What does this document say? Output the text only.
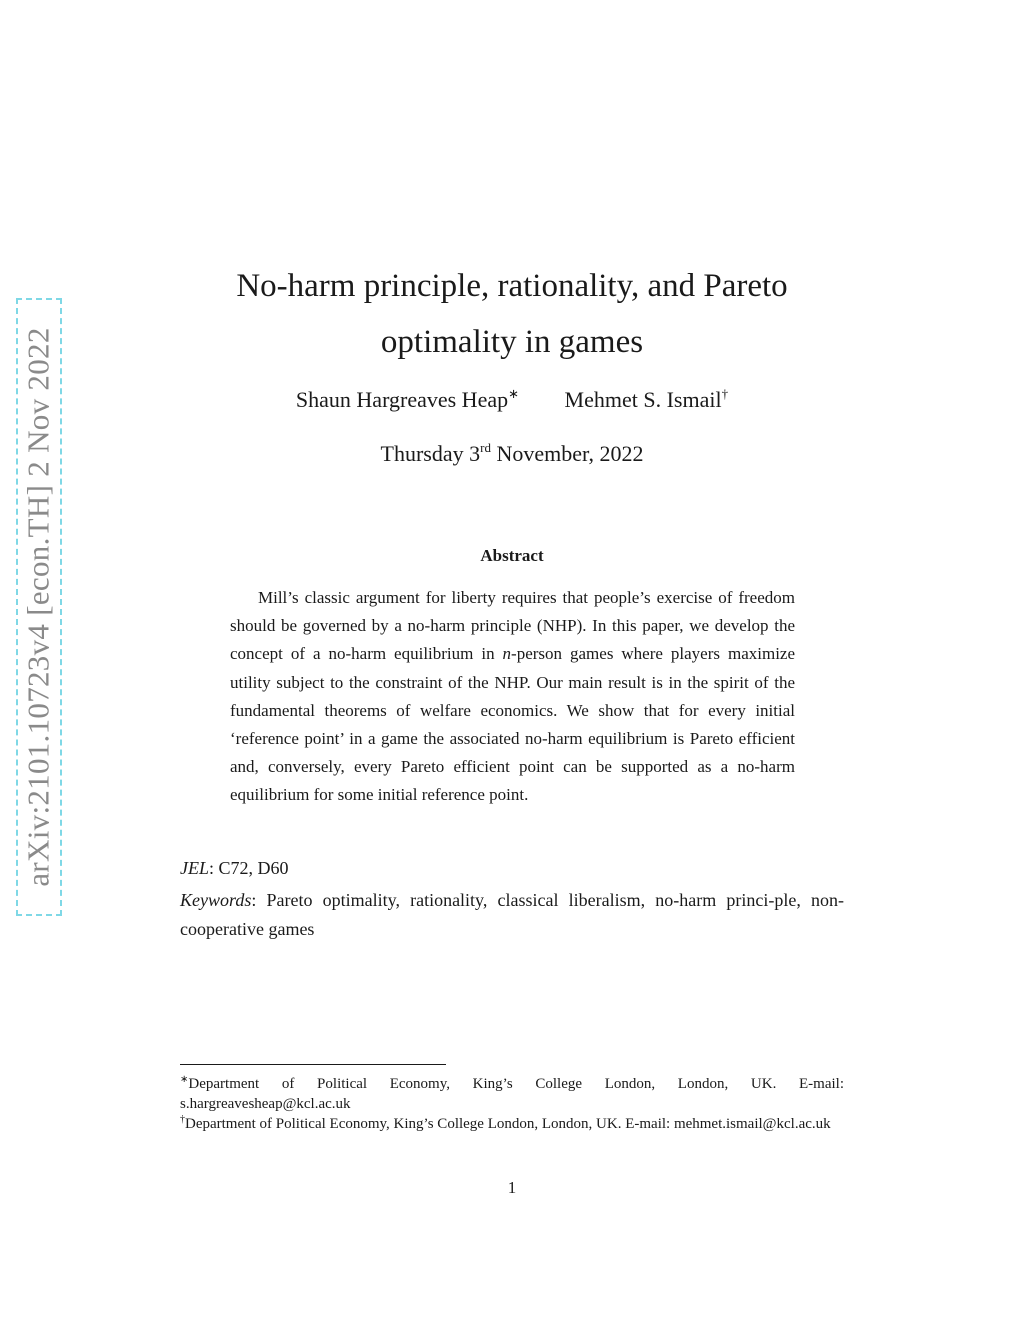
arXiv:2101.10723v4 [econ.TH] 2 Nov 2022
No-harm principle, rationality, and Pareto
optimality in games
Shaun Hargreaves Heap∗ Mehmet S. Ismail†
Thursday 3rd November, 2022
Abstract
Mill’s classic argument for liberty requires that people’s exercise of freedom should be governed by a no-harm principle (NHP). In this paper, we develop the concept of a no-harm equilibrium in n-person games where players maximize utility subject to the constraint of the NHP. Our main result is in the spirit of the fundamental theorems of welfare economics. We show that for every initial ‘reference point’ in a game the associated no-harm equilibrium is Pareto efficient and, conversely, every Pareto efficient point can be supported as a no-harm equilibrium for some initial reference point.
JEL: C72, D60
Keywords: Pareto optimality, rationality, classical liberalism, no-harm princi-ple, non-cooperative games
∗Department of Political Economy, King’s College London, London, UK. E-mail: s.hargreavesheap@kcl.ac.uk
†Department of Political Economy, King’s College London, London, UK. E-mail: mehmet.ismail@kcl.ac.uk
1
